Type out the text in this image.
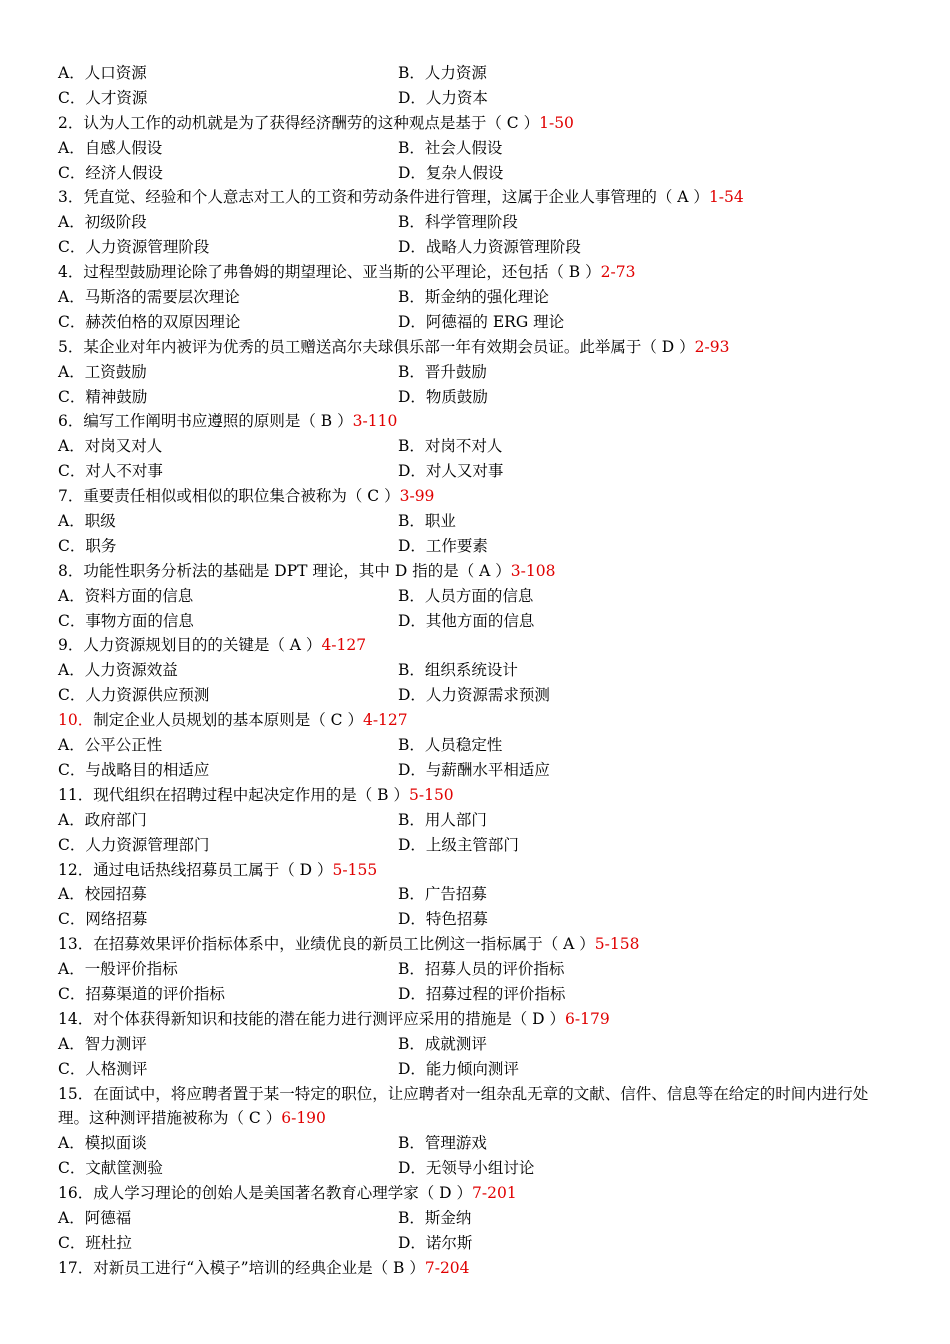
A．人口资源	B．人力资源
C．人才资源	D．人力资本
2．认为人工作的动机就是为了获得经济酬劳的这种观点是基于（ C ）1-50
A．自感人假设	B．社会人假设
C．经济人假设	D．复杂人假设
3．凭直觉、经验和个人意志对工人的工资和劳动条件进行管理，这属于企业人事管理的（ A ）1-54
A．初级阶段	B．科学管理阶段
C．人力资源管理阶段	D．战略人力资源管理阶段
4．过程型鼓励理论除了弗鲁姆的期望理论、亚当斯的公平理论，还包括（ B ）2-73
A．马斯洛的需要层次理论	B．斯金纳的强化理论
C．赫茨伯格的双原因理论	D．阿德福的 ERG 理论
5．某企业对年内被评为优秀的员工赠送高尔夫球俱乐部一年有效期会员证。此举属于（ D ）2-93
A．工资鼓励	B．晋升鼓励
C．精神鼓励	D．物质鼓励
6．编写工作阐明书应遵照的原则是（ B ）3-110
A．对岗又对人	B．对岗不对人
C．对人不对事	D．对人又对事
7．重要责任相似或相似的职位集合被称为（ C ）3-99
A．职级	B．职业
C．职务	D．工作要素
8．功能性职务分析法的基础是 DPT 理论，其中 D 指的是（ A ）3-108
A．资料方面的信息	B．人员方面的信息
C．事物方面的信息	D．其他方面的信息
9．人力资源规划目的的关键是（ A ）4-127
A．人力资源效益	B．组织系统设计
C．人力资源供应预测	D．人力资源需求预测
10．制定企业人员规划的基本原则是（ C ）4-127
A．公平公正性	B．人员稳定性
C．与战略目的相适应	D．与薪酬水平相适应
11．现代组织在招聘过程中起决定作用的是（ B ）5-150
A．政府部门	B．用人部门
C．人力资源管理部门	D．上级主管部门
12．通过电话热线招募员工属于（ D ）5-155
A．校园招募	B．广告招募
C．网络招募	D．特色招募
13．在招募效果评价指标体系中，业绩优良的新员工比例这一指标属于（ A ）5-158
A．一般评价指标	B．招募人员的评价指标
C．招募渠道的评价指标	D．招募过程的评价指标
14．对个体获得新知识和技能的潜在能力进行测评应采用的措施是（ D ）6-179
A．智力测评	B．成就测评
C．人格测评	D．能力倾向测评
15．在面试中，将应聘者置于某一特定的职位，让应聘者对一组杂乱无章的文献、信件、信息等在给定的时间内进行处理。这种测评措施被称为（ C ）6-190
A．模拟面谈	B．管理游戏
C．文献筐测验	D．无领导小组讨论
16．成人学习理论的创始人是美国著名教育心理学家（ D ）7-201
A．阿德福	B．斯金纳
C．班杜拉	D．诺尔斯
17．对新员工进行“入模子”培训的经典企业是（ B ）7-204
